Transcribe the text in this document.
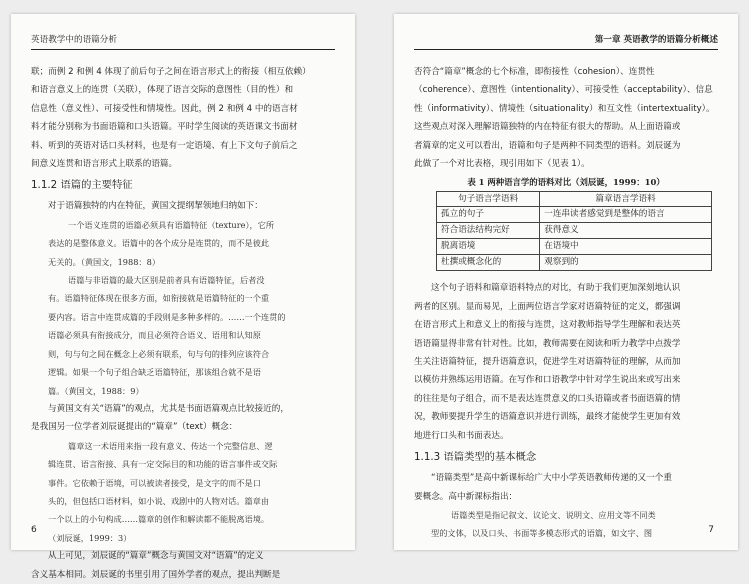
英语教学中的语篇分析

联；而例 2 和例 4 体现了前后句子之间在语言形式上的衔接（相互依赖）

和语言意义上的连贯（关联），体现了语言交际的意图性（目的性）和

信息性（意义性）、可接受性和情境性。因此，例 2 和例 4 中的语言材

料才能分别称为书面语篇和口头语篇。平时学生阅读的英语课文书面材

料、听到的英语对话口头材料，也是有一定语境、有上下文句子前后之

间意义连贯和语言形式上联系的语篇。

1.1.2 语篇的主要特征

对于语篇独特的内在特征，黄国文提纲挈领地归纳如下：

一个语义连贯的语篇必须具有语篇特征（texture），它所

表达的是整体意义。语篇中的各个成分是连贯的，而不是彼此

无关的。（黄国文，1988：8）

语篇与非语篇的最大区别是前者具有语篇特征，后者没

有。语篇特征体现在很多方面，如衔接就是语篇特征的一个重

要内容。语言中连贯成篇的手段则是多种多样的。……一个连贯的

语篇必须具有衔接成分，而且必须符合语义、语用和认知原

则，句与句之间在概念上必须有联系，句与句的排列应该符合

逻辑。如果一个句子组合缺乏语篇特征，那该组合就不是语

篇。（黄国文，1988：9）

与黄国文有关“语篇”的观点，尤其是书面语篇观点比较接近的，

是我国另一位学者刘辰诞提出的“篇章”（text）概念：

篇章这一术语用来指一段有意义、传达一个完整信息、逻

辑连贯、语言衔接、具有一定交际目的和功能的语言事件或交际

事件。它依赖于语境，可以被读者接受，是文字的而不是口

头的，但包括口语材料，如小说、戏剧中的人物对话。篇章由

一个以上的小句构成……篇章的创作和解读都不能脱离语境。

（刘辰诞，1999：3）

从上可见，刘辰诞的“篇章”概念与黄国文对“语篇”的定义

含义基本相同。刘辰诞的书里引用了国外学者的观点，提出判断是

6
第一章 英语教学的语篇分析概述

否符合“篇章”概念的七个标准，即衔接性（cohesion）、连贯性

（coherence）、意图性（intentionality）、可接受性（acceptability）、信息

性（informativity）、情境性（situationality）和互文性（intertextuality）。

这些观点对深入理解语篇独特的内在特征有很大的帮助。从上面语篇或

者篇章的定义可以看出，语篇和句子是两种不同类型的语料。刘辰诞为

此做了一个对比表格，现引用如下（见表 1）。

表 1 两种语言学的语料对比（刘辰诞，1999：10）
句子语言学语料	篇章语言学语料
孤立的句子	一连串读者感觉到是整体的语言
符合语法结构完好	获得意义
脱离语境	在语境中
杜撰或概念化的	观察到的

这个句子语料和篇章语料特点的对比，有助于我们更加深刻地认识

两者的区别。显而易见，上面两位语言学家对语篇特征的定义，都强调

在语言形式上和意义上的衔接与连贯，这对教师指导学生理解和表达英

语语篇显得非常有针对性。比如，教师需要在阅读和听力教学中点拨学

生关注语篇特征，提升语篇意识，促进学生对语篇特征的理解，从而加

以模仿并熟练运用语篇。在写作和口语教学中针对学生说出来或写出来

的往往是句子组合，而不是表达连贯意义的口头语篇或者书面语篇的情

况，教师要提升学生的语篇意识并进行训练，最终才能使学生更加有效

地进行口头和书面表达。

1.1.3 语篇类型的基本概念

“语篇类型”是高中新课标给广大中小学英语教师传递的又一个重

要概念。高中新课标指出：

语篇类型是指记叙文、议论文、说明文、应用文等不同类

型的文体，以及口头、书面等多模态形式的语篇，如文字、图	7
